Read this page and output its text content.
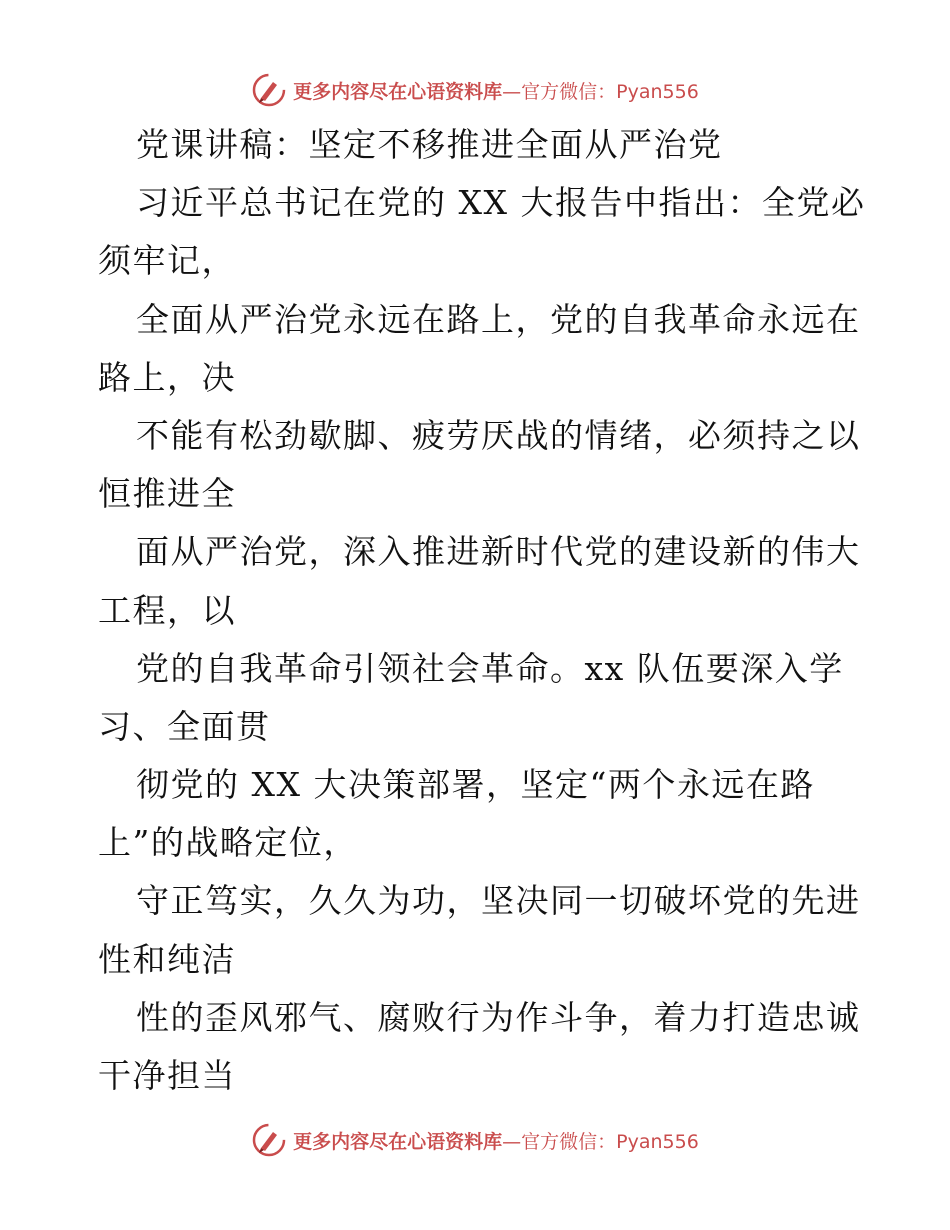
更多内容尽在心语资料库—官方微信：Pyan556
党课讲稿：坚定不移推进全面从严治党
习近平总书记在党的 XX 大报告中指出：全党必
须牢记，
全面从严治党永远在路上，党的自我革命永远在
路上，决
不能有松劲歇脚、疲劳厌战的情绪，必须持之以
恒推进全
面从严治党，深入推进新时代党的建设新的伟大
工程，以
党的自我革命引领社会革命。xx 队伍要深入学
习、全面贯
彻党的 XX 大决策部署，坚定“两个永远在路
上”的战略定位，
守正笃实，久久为功，坚决同一切破坏党的先进
性和纯洁
性的歪风邪气、腐败行为作斗争，着力打造忠诚
干净担当
更多内容尽在心语资料库—官方微信：Pyan556
